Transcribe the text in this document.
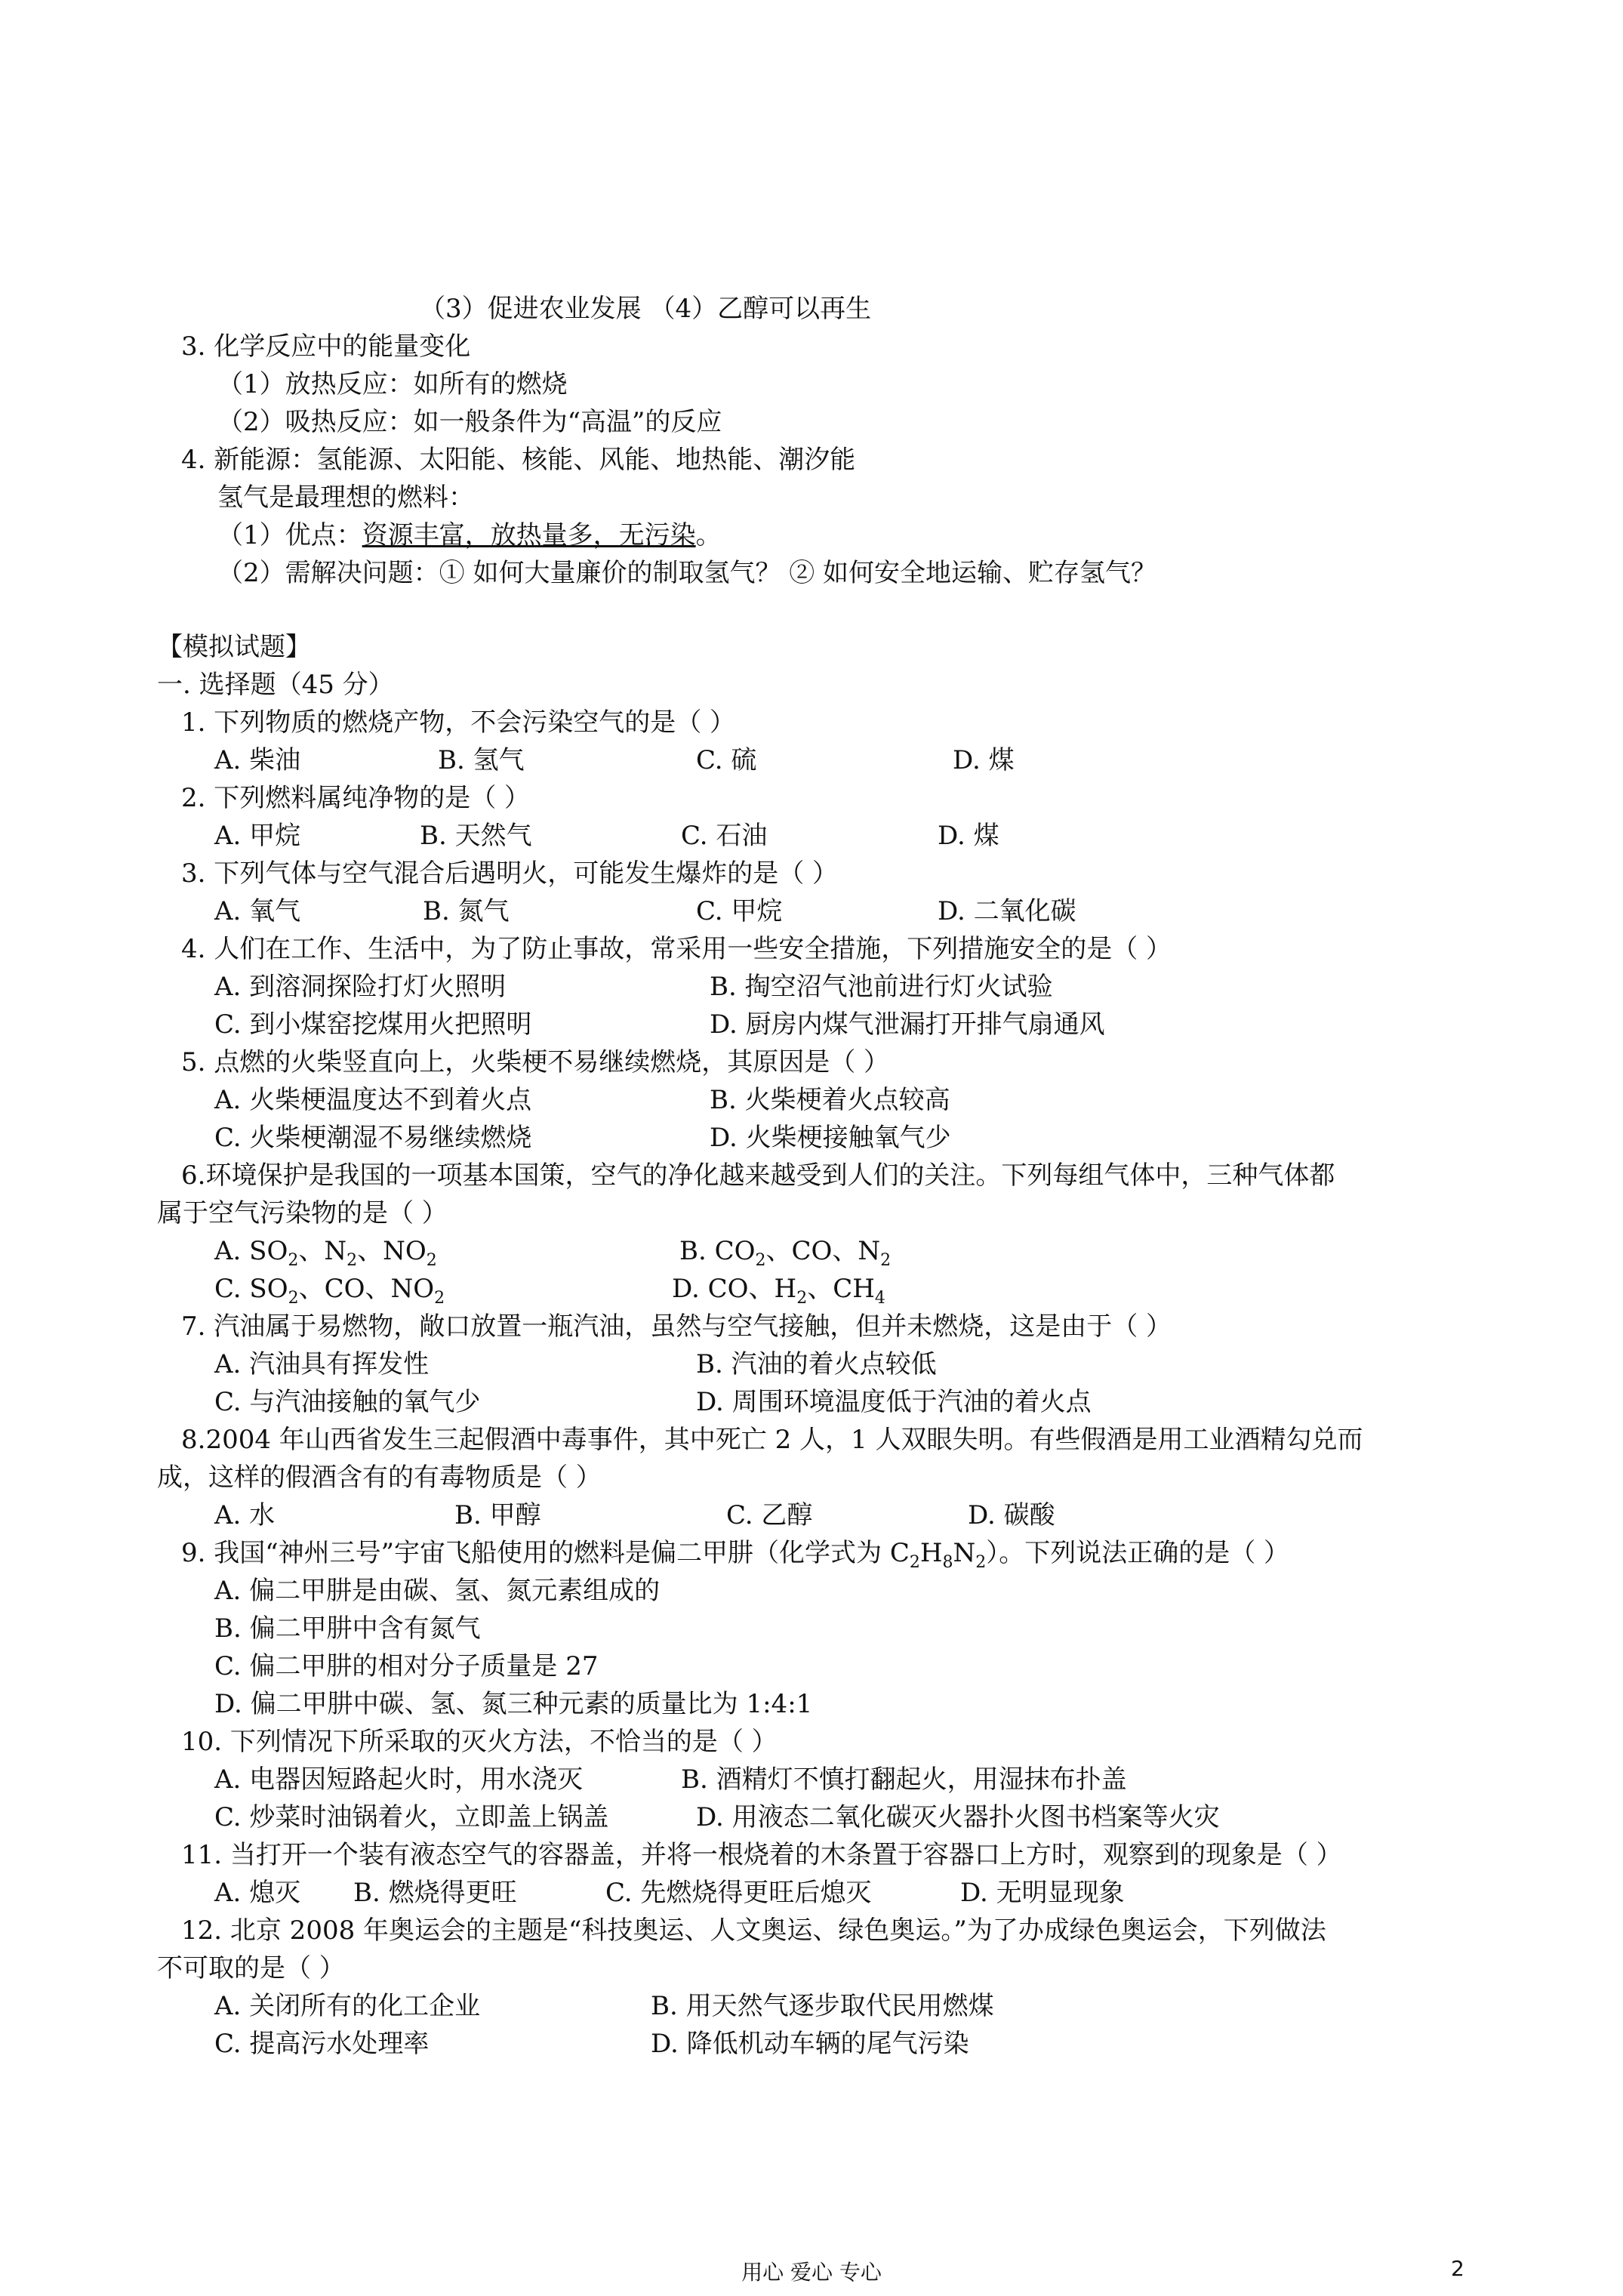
（3）促进农业发展 （4）乙醇可以再生
3. 化学反应中的能量变化
（1）放热反应：如所有的燃烧
（2）吸热反应：如一般条件为“高温”的反应
4. 新能源：氢能源、太阳能、核能、风能、地热能、潮汐能
氢气是最理想的燃料：
（1）优点：资源丰富，放热量多，无污染。
（2）需解决问题：① 如何大量廉价的制取氢气？ ② 如何安全地运输、贮存氢气？
【模拟试题】
一. 选择题（45 分）
1. 下列物质的燃烧产物，不会污染空气的是（ ）
A. 柴油	B. 氢气	C. 硫	D. 煤
2. 下列燃料属纯净物的是（ ）
A. 甲烷	B. 天然气	C. 石油	D. 煤
3. 下列气体与空气混合后遇明火，可能发生爆炸的是（ ）
A. 氧气	B. 氮气	C. 甲烷	D. 二氧化碳
4. 人们在工作、生活中，为了防止事故，常采用一些安全措施，下列措施安全的是（ ）
A. 到溶洞探险打灯火照明	B. 掏空沼气池前进行灯火试验
C. 到小煤窑挖煤用火把照明	D. 厨房内煤气泄漏打开排气扇通风
5. 点燃的火柴竖直向上，火柴梗不易继续燃烧，其原因是（ ）
A. 火柴梗温度达不到着火点	B. 火柴梗着火点较高
C. 火柴梗潮湿不易继续燃烧	D. 火柴梗接触氧气少
6.环境保护是我国的一项基本国策，空气的净化越来越受到人们的关注。下列每组气体中，三种气体都
属于空气污染物的是（ ）
A. $SO_2$、$N_2$、$NO_2$	B. $CO_2$、CO、$N_2$
C. $SO_2$、CO、$NO_2$	D. CO、$H_2$、$CH_4$
7. 汽油属于易燃物，敞口放置一瓶汽油，虽然与空气接触，但并未燃烧，这是由于（ ）
A. 汽油具有挥发性	B. 汽油的着火点较低
C. 与汽油接触的氧气少	D. 周围环境温度低于汽油的着火点
8.2004 年山西省发生三起假酒中毒事件，其中死亡 2 人，1 人双眼失明。有些假酒是用工业酒精勾兑而
成，这样的假酒含有的有毒物质是（ ）
A. 水	B. 甲醇	C. 乙醇	D. 碳酸
9. 我国“神州三号”宇宙飞船使用的燃料是偏二甲肼（化学式为 $C_2H_8N_2$）。下列说法正确的是（ ）
A. 偏二甲肼是由碳、氢、氮元素组成的
B. 偏二甲肼中含有氮气
C. 偏二甲肼的相对分子质量是 27
D. 偏二甲肼中碳、氢、氮三种元素的质量比为 1:4:1
10. 下列情况下所采取的灭火方法，不恰当的是（ ）
A. 电器因短路起火时，用水浇灭	B. 酒精灯不慎打翻起火，用湿抹布扑盖
C. 炒菜时油锅着火，立即盖上锅盖	D. 用液态二氧化碳灭火器扑火图书档案等火灾
11. 当打开一个装有液态空气的容器盖，并将一根烧着的木条置于容器口上方时，观察到的现象是（ ）
A. 熄灭 B. 燃烧得更旺	C. 先燃烧得更旺后熄灭	D. 无明显现象
12. 北京 2008 年奥运会的主题是“科技奥运、人文奥运、绿色奥运。”为了办成绿色奥运会，下列做法
不可取的是（ ）
A. 关闭所有的化工企业	B. 用天然气逐步取代民用燃煤
C. 提高污水处理率	D. 降低机动车辆的尾气污染
用心 爱心 专心	2
